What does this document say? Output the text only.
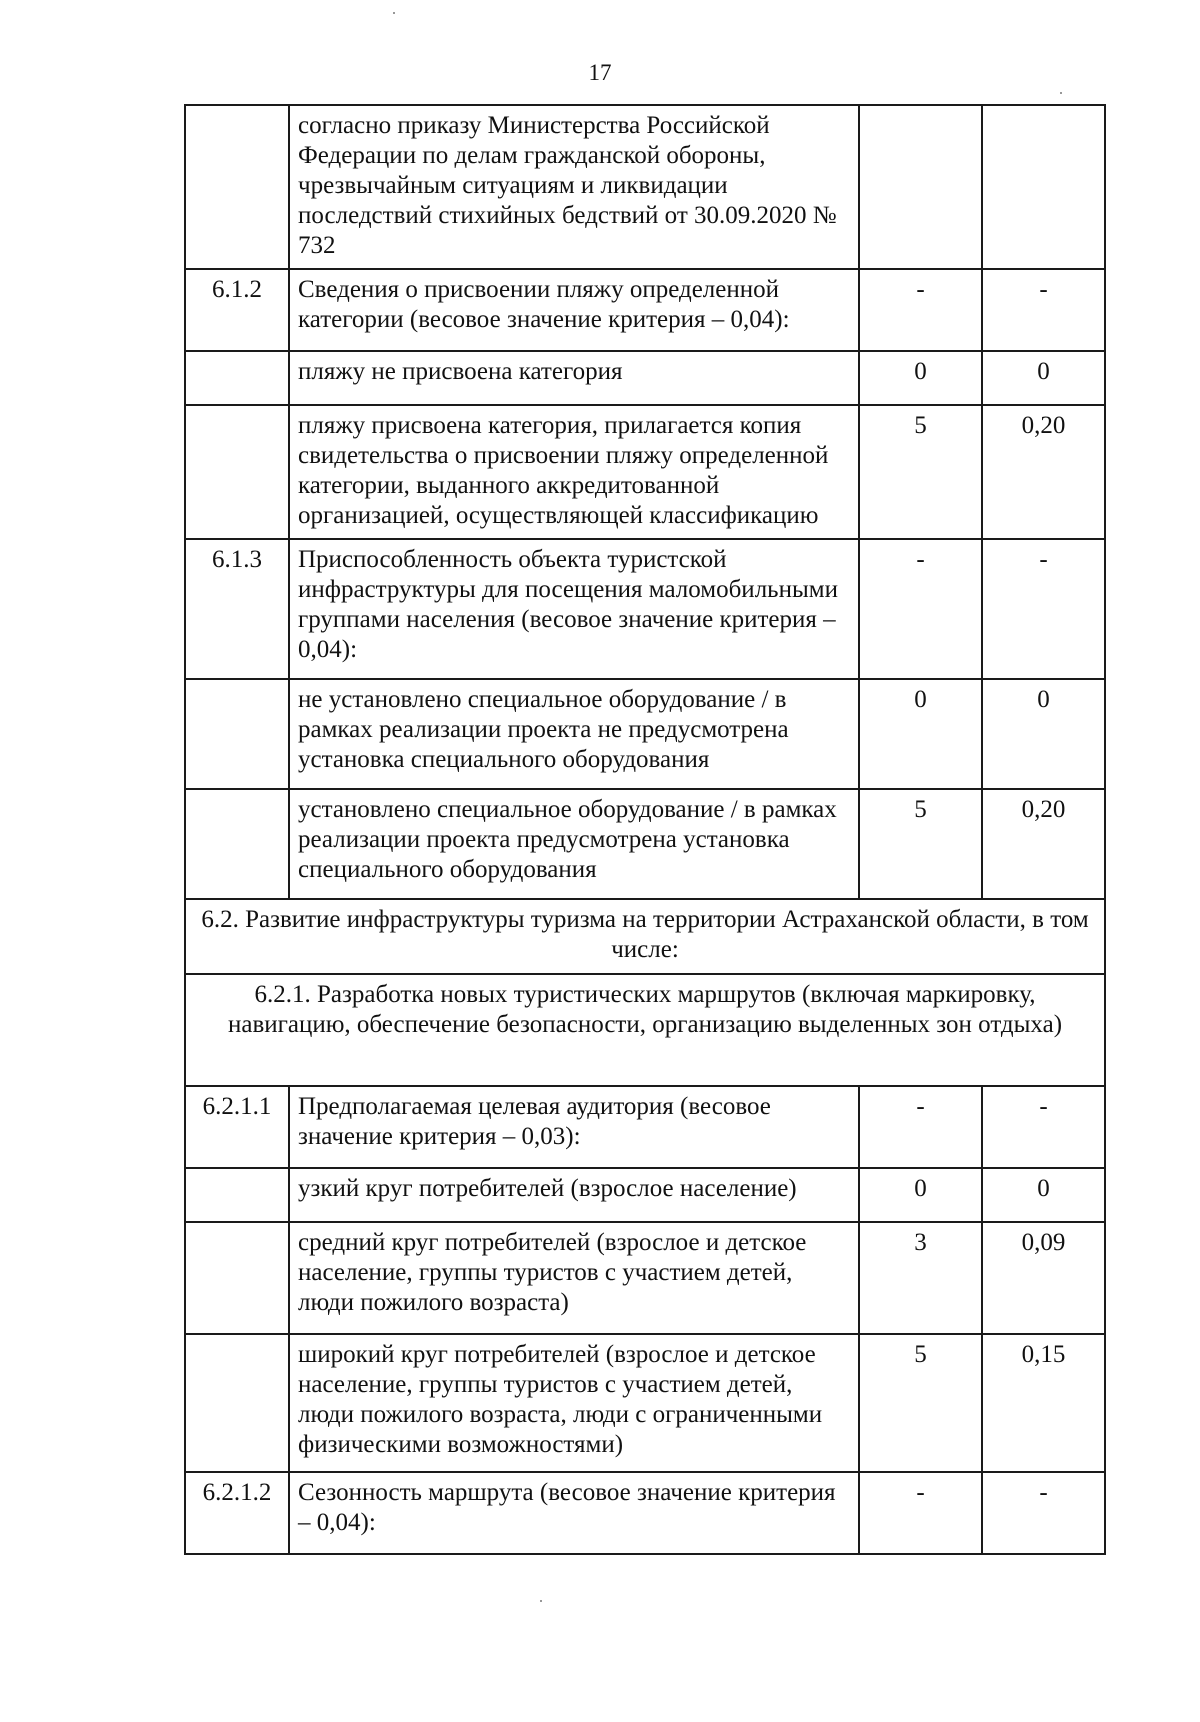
17
	согласно приказу Министерства Российской Федерации по делам гражданской обороны, чрезвычайным ситуациям и ликвидации последствий стихийных бедствий от 30.09.2020 № 732		
6.1.2	Сведения о присвоении пляжу определенной категории (весовое значение критерия – 0,04):	-	-
	пляжу не присвоена категория	0	0
	пляжу присвоена категория, прилагается копия свидетельства о присвоении пляжу определенной категории, выданного аккредитованной организацией, осуществляющей классификацию	5	0,20
6.1.3	Приспособленность объекта туристской инфраструктуры для посещения маломобильными группами населения (весовое значение критерия – 0,04):	-	-
	не установлено специальное оборудование / в рамках реализации проекта не предусмотрена установка специального оборудования	0	0
	установлено специальное оборудование / в рамках реализации проекта предусмотрена установка специального оборудования	5	0,20
6.2. Развитие инфраструктуры туризма на территории Астраханской области, в том числе:			
6.2.1. Разработка новых туристических маршрутов (включая маркировку, навигацию, обеспечение безопасности, организацию выделенных зон отдыха)			
6.2.1.1	Предполагаемая целевая аудитория (весовое значение критерия – 0,03):	-	-
	узкий круг потребителей (взрослое население)	0	0
	средний круг потребителей (взрослое и детское население, группы туристов с участием детей, люди пожилого возраста)	3	0,09
	широкий круг потребителей (взрослое и детское население, группы туристов с участием детей, люди пожилого возраста, люди с ограниченными физическими возможностями)	5	0,15
6.2.1.2	Сезонность маршрута (весовое значение критерия – 0,04):	-	-
